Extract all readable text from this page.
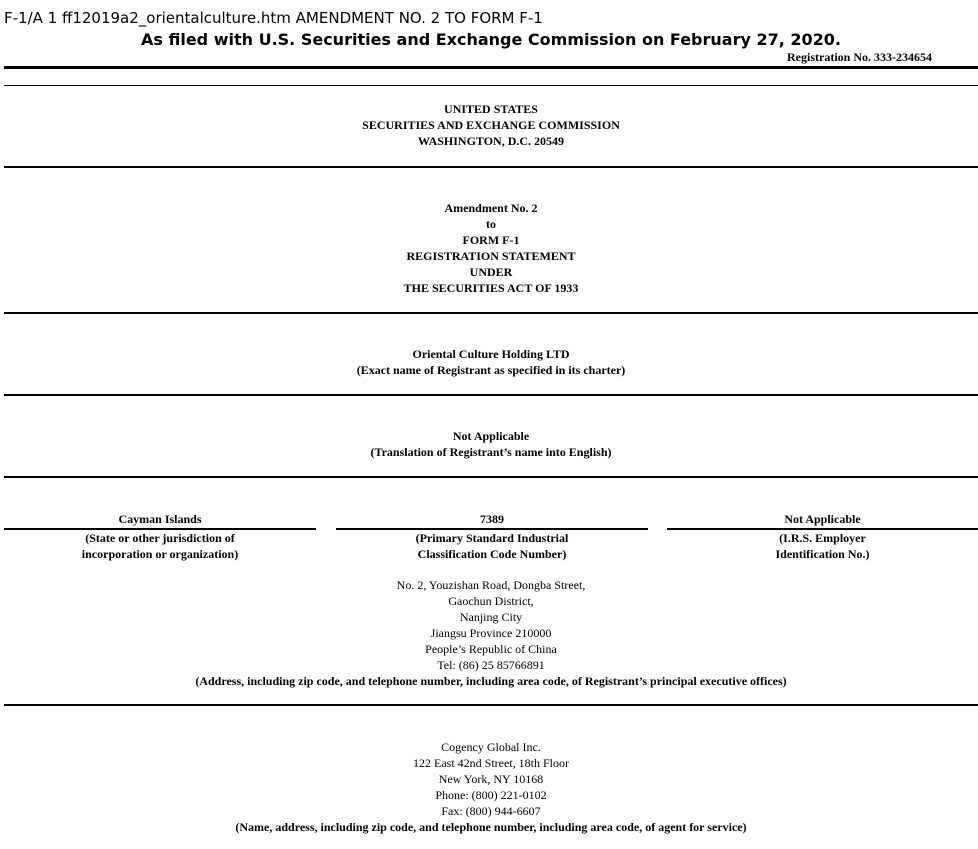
F-1/A 1 ff12019a2_orientalculture.htm AMENDMENT NO. 2 TO FORM F-1
As filed with U.S. Securities and Exchange Commission on February 27, 2020.
Registration No. 333-234654
UNITED STATES
SECURITIES AND EXCHANGE COMMISSION
WASHINGTON, D.C. 20549
Amendment No. 2
to
FORM F-1
REGISTRATION STATEMENT
UNDER
THE SECURITIES ACT OF 1933
Oriental Culture Holding LTD
(Exact name of Registrant as specified in its charter)
Not Applicable
(Translation of Registrant’s name into English)
Cayman Islands
(State or other jurisdiction of
incorporation or organization)
7389
(Primary Standard Industrial
Classification Code Number)
Not Applicable
(I.R.S. Employer
Identification No.)
No. 2, Youzishan Road, Dongba Street,
Gaochun District,
Nanjing City
Jiangsu Province 210000
People’s Republic of China
Tel: (86) 25 85766891
(Address, including zip code, and telephone number, including area code, of Registrant’s principal executive offices)
Cogency Global Inc.
122 East 42nd Street, 18th Floor
New York, NY 10168
Phone: (800) 221-0102
Fax: (800) 944-6607
(Name, address, including zip code, and telephone number, including area code, of agent for service)
